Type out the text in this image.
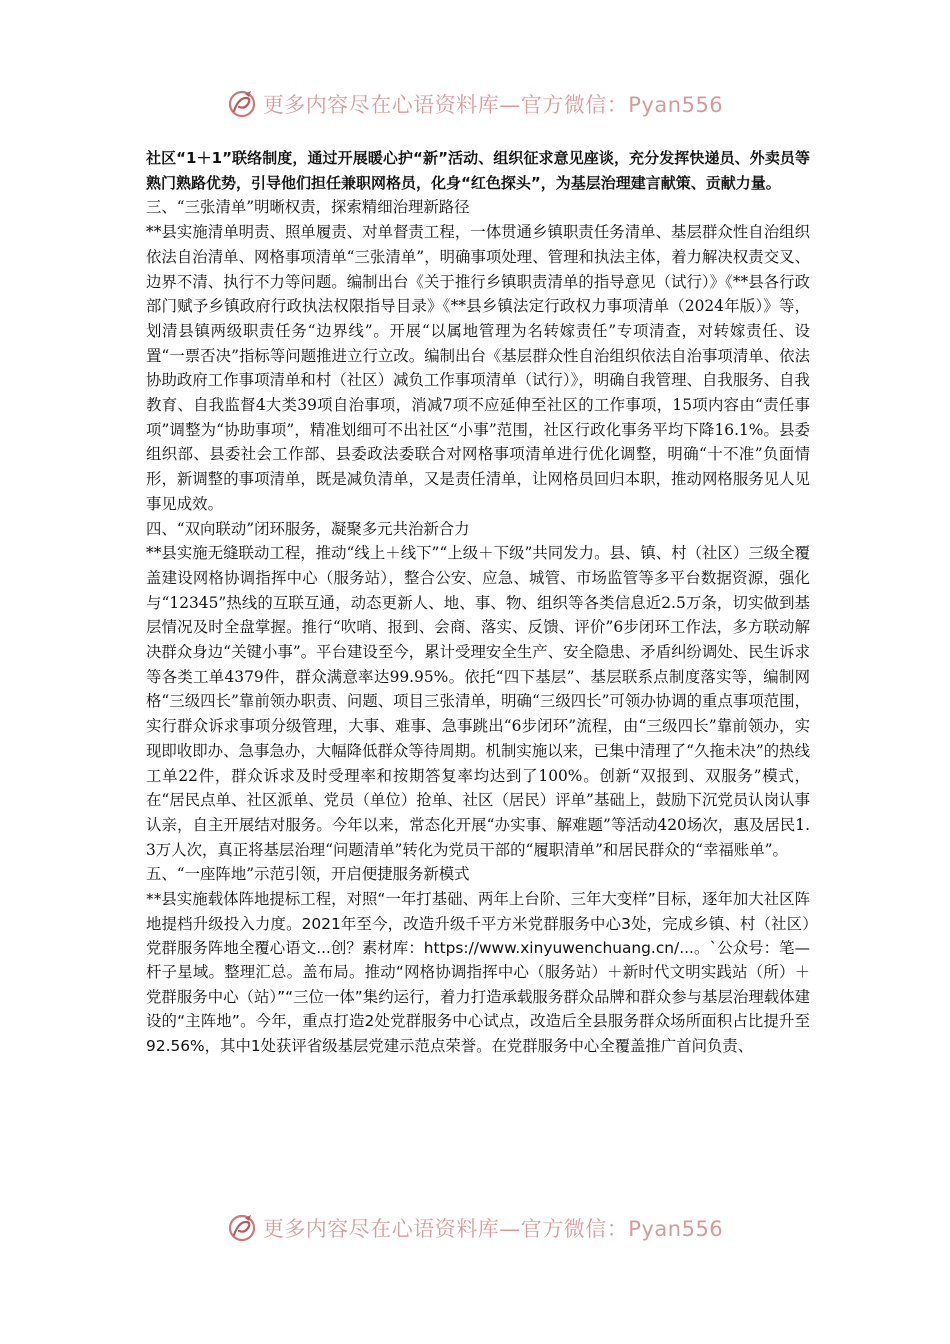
更多内容尽在心语资料库—官方微信：Pyan556

社区“1＋1”联络制度，通过开展暖心护“新”活动、组织征求意见座谈，充分发挥快递员、外卖员等熟门熟路优势，引导他们担任兼职网格员，化身“红色探头”，为基层治理建言献策、贡献力量。

三、“三张清单”明晰权责，探索精细治理新路径

**县实施清单明责、照单履责、对单督责工程，一体贯通乡镇职责任务清单、基层群众性自治组织依法自治清单、网格事项清单“三张清单”，明确事项处理、管理和执法主体，着力解决权责交叉、边界不清、执行不力等问题。编制出台《关于推行乡镇职责清单的指导意见（试行）》《**县各行政部门赋予乡镇政府行政执法权限指导目录》《**县乡镇法定行政权力事项清单（2024年版）》等，划清县镇两级职责任务“边界线”。开展“以属地管理为名转嫁责任”专项清查，对转嫁责任、设置“一票否决”指标等问题推进立行立改。编制出台《基层群众性自治组织依法自治事项清单、依法协助政府工作事项清单和村（社区）减负工作事项清单（试行）》，明确自我管理、自我服务、自我教育、自我监督4大类39项自治事项，消减7项不应延伸至社区的工作事项，15项内容由“责任事项”调整为“协助事项”，精准划细可不出社区“小事”范围，社区行政化事务平均下降16.1%。县委组织部、县委社会工作部、县委政法委联合对网格事项清单进行优化调整，明确“十不准”负面情形，新调整的事项清单，既是减负清单，又是责任清单，让网格员回归本职，推动网格服务见人见事见成效。

四、“双向联动”闭环服务，凝聚多元共治新合力

**县实施无缝联动工程，推动“线上＋线下”“上级＋下级”共同发力。县、镇、村（社区）三级全覆盖建设网格协调指挥中心（服务站），整合公安、应急、城管、市场监管等多平台数据资源，强化与“12345”热线的互联互通，动态更新人、地、事、物、组织等各类信息近2.5万条，切实做到基层情况及时全盘掌握。推行“吹哨、报到、会商、落实、反馈、评价”6步闭环工作法，多方联动解决群众身边“关键小事”。平台建设至今，累计受理安全生产、安全隐患、矛盾纠纷调处、民生诉求等各类工单4379件，群众满意率达99.95%。依托“四下基层”、基层联系点制度落实等，编制网格“三级四长”靠前领办职责、问题、项目三张清单，明确“三级四长”可领办协调的重点事项范围，实行群众诉求事项分级管理，大事、难事、急事跳出“6步闭环”流程，由“三级四长”靠前领办，实现即收即办、急事急办，大幅降低群众等待周期。机制实施以来，已集中清理了“久拖未决”的热线工单22件，群众诉求及时受理率和按期答复率均达到了100%。创新“双报到、双服务”模式，在“居民点单、社区派单、党员（单位）抢单、社区（居民）评单”基础上，鼓励下沉党员认岗认事认亲，自主开展结对服务。今年以来，常态化开展“办实事、解难题”等活动420场次，惠及居民1.3万人次，真正将基层治理“问题清单”转化为党员干部的“履职清单”和居民群众的“幸福账单”。

五、“一座阵地”示范引领，开启便捷服务新模式

**县实施载体阵地提标工程，对照“一年打基础、两年上台阶、三年大变样”目标，逐年加大社区阵地提档升级投入力度。2021年至今，改造升级千平方米党群服务中心3处，完成乡镇、村（社区）党群服务阵地全覆心语文...创？素材库：https://www.xinyuwenchuang.cn/...。`公众号：笔—杆子星域。整理汇总。盖布局。推动“网格协调指挥中心（服务站）＋新时代文明实践站（所）＋党群服务中心（站）”“三位一体”集约运行，着力打造承载服务群众品牌和群众参与基层治理载体建设的“主阵地”。今年，重点打造2处党群服务中心试点，改造后全县服务群众场所面积占比提升至92.56%，其中1处获评省级基层党建示范点荣誉。在党群服务中心全覆盖推广首问负责、

更多内容尽在心语资料库—官方微信：Pyan556
